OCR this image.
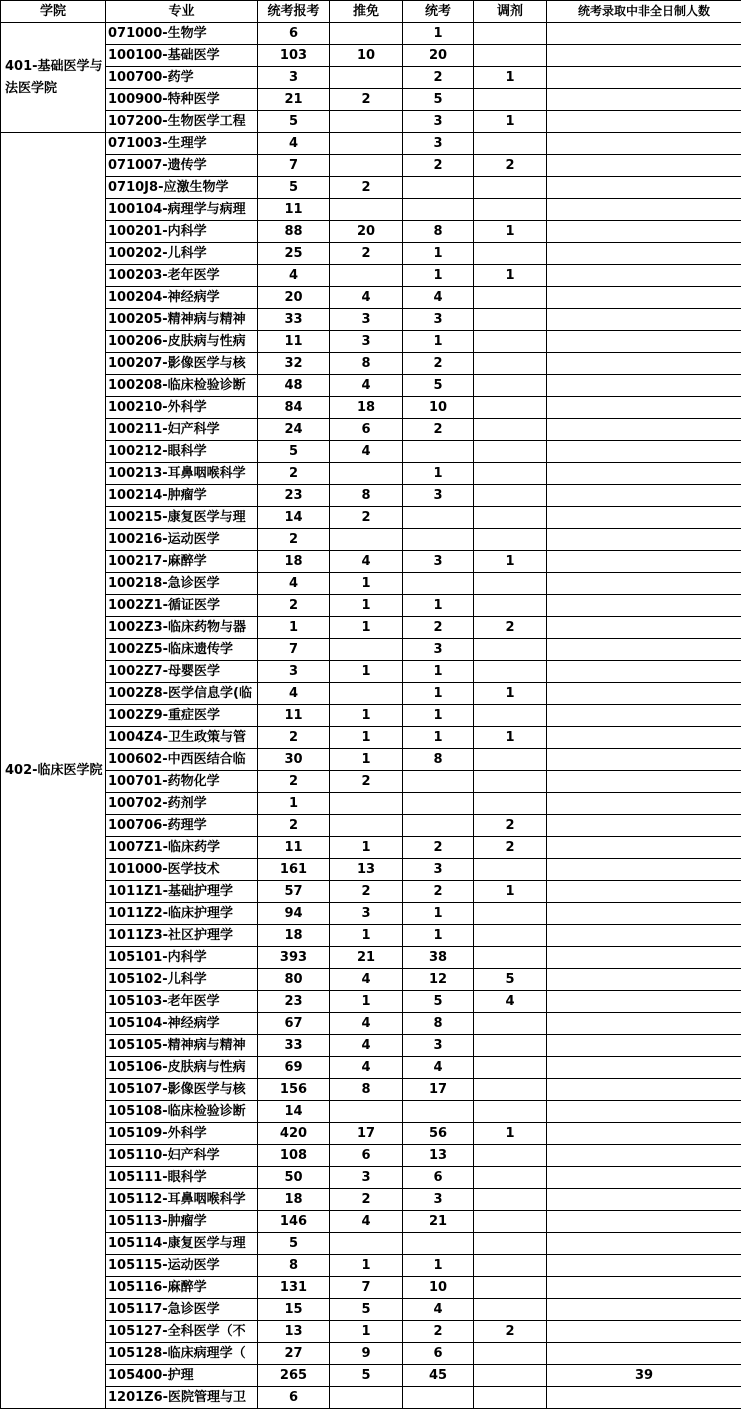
学院	专业	统考报考	推免	统考	调剂	统考录取中非全日制人数
401-基础医学与法医学院	071000-生物学	6		1		
	100100-基础医学	103	10	20		
	100700-药学	3		2	1	
	100900-特种医学	21	2	5		
	107200-生物医学工程	5		3	1	
402-临床医学院	071003-生理学	4		3		
	071007-遗传学	7		2	2	
	0710J8-应激生物学	5	2			
	100104-病理学与病理	11				
	100201-内科学	88	20	8	1	
	100202-儿科学	25	2	1		
	100203-老年医学	4		1	1	
	100204-神经病学	20	4	4		
	100205-精神病与精神	33	3	3		
	100206-皮肤病与性病	11	3	1		
	100207-影像医学与核	32	8	2		
	100208-临床检验诊断	48	4	5		
	100210-外科学	84	18	10		
	100211-妇产科学	24	6	2		
	100212-眼科学	5	4			
	100213-耳鼻咽喉科学	2		1		
	100214-肿瘤学	23	8	3		
	100215-康复医学与理	14	2			
	100216-运动医学	2				
	100217-麻醉学	18	4	3	1	
	100218-急诊医学	4	1			
	1002Z1-循证医学	2	1	1		
	1002Z3-临床药物与器	1	1	2	2	
	1002Z5-临床遗传学	7		3		
	1002Z7-母婴医学	3	1	1		
	1002Z8-医学信息学(临	4		1	1	
	1002Z9-重症医学	11	1	1		
	1004Z4-卫生政策与管	2	1	1	1	
	100602-中西医结合临	30	1	8		
	100701-药物化学	2	2			
	100702-药剂学	1				
	100706-药理学	2			2	
	1007Z1-临床药学	11	1	2	2	
	101000-医学技术	161	13	3		
	1011Z1-基础护理学	57	2	2	1	
	1011Z2-临床护理学	94	3	1		
	1011Z3-社区护理学	18	1	1		
	105101-内科学	393	21	38		
	105102-儿科学	80	4	12	5	
	105103-老年医学	23	1	5	4	
	105104-神经病学	67	4	8		
	105105-精神病与精神	33	4	3		
	105106-皮肤病与性病	69	4	4		
	105107-影像医学与核	156	8	17		
	105108-临床检验诊断	14				
	105109-外科学	420	17	56	1	
	105110-妇产科学	108	6	13		
	105111-眼科学	50	3	6		
	105112-耳鼻咽喉科学	18	2	3		
	105113-肿瘤学	146	4	21		
	105114-康复医学与理	5				
	105115-运动医学	8	1	1		
	105116-麻醉学	131	7	10		
	105117-急诊医学	15	5	4		
	105127-全科医学（不	13	1	2	2	
	105128-临床病理学（	27	9	6		
	105400-护理	265	5	45		39
	1201Z6-医院管理与卫	6				
